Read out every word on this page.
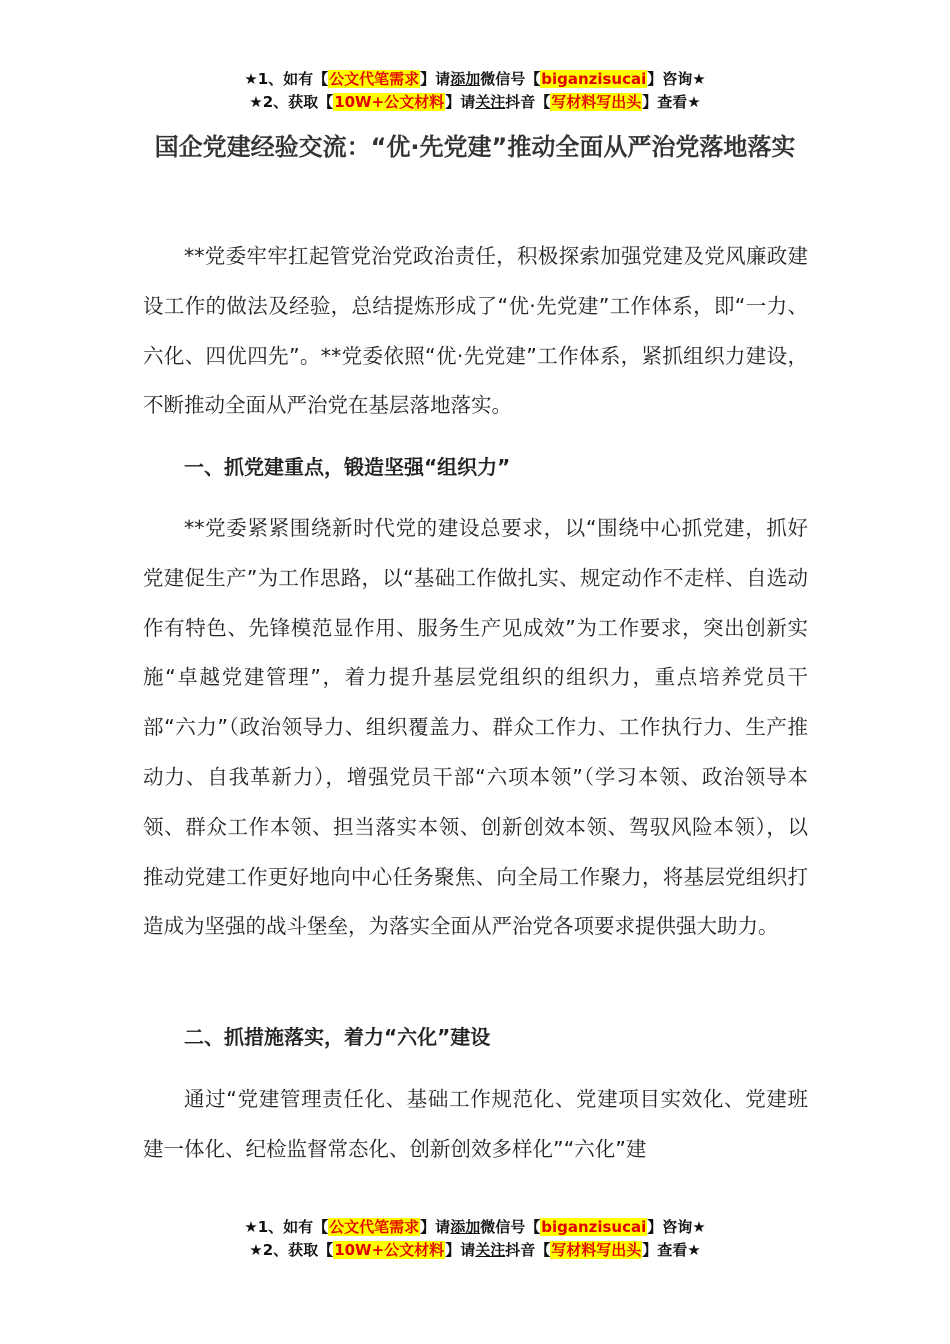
★1、如有【公文代笔需求】请添加微信号【biganzisucai】咨询★
★2、获取【10W+公文材料】请关注抖音【写材料写出头】查看★
国企党建经验交流：“优·先党建”推动全面从严治党落地落实

**党委牢牢扛起管党治党政治责任，积极探索加强党建及党风廉政建设工作的做法及经验，总结提炼形成了“优·先党建”工作体系，即“一力、六化、四优四先”。**党委依照“优·先党建”工作体系，紧抓组织力建设，不断推动全面从严治党在基层落地落实。

一、抓党建重点，锻造坚强“组织力”

**党委紧紧围绕新时代党的建设总要求，以“围绕中心抓党建，抓好党建促生产”为工作思路，以“基础工作做扎实、规定动作不走样、自选动作有特色、先锋模范显作用、服务生产见成效”为工作要求，突出创新实施“卓越党建管理”，着力提升基层党组织的组织力，重点培养党员干部“六力”（政治领导力、组织覆盖力、群众工作力、工作执行力、生产推动力、自我革新力），增强党员干部“六项本领”（学习本领、政治领导本领、群众工作本领、担当落实本领、创新创效本领、驾驭风险本领），以推动党建工作更好地向中心任务聚焦、向全局工作聚力，将基层党组织打造成为坚强的战斗堡垒，为落实全面从严治党各项要求提供强大助力。

二、抓措施落实，着力“六化”建设

通过“党建管理责任化、基础工作规范化、党建项目实效化、党建班建一体化、纪检监督常态化、创新创效多样化”“六化”建

★1、如有【公文代笔需求】请添加微信号【biganzisucai】咨询★
★2、获取【10W+公文材料】请关注抖音【写材料写出头】查看★
